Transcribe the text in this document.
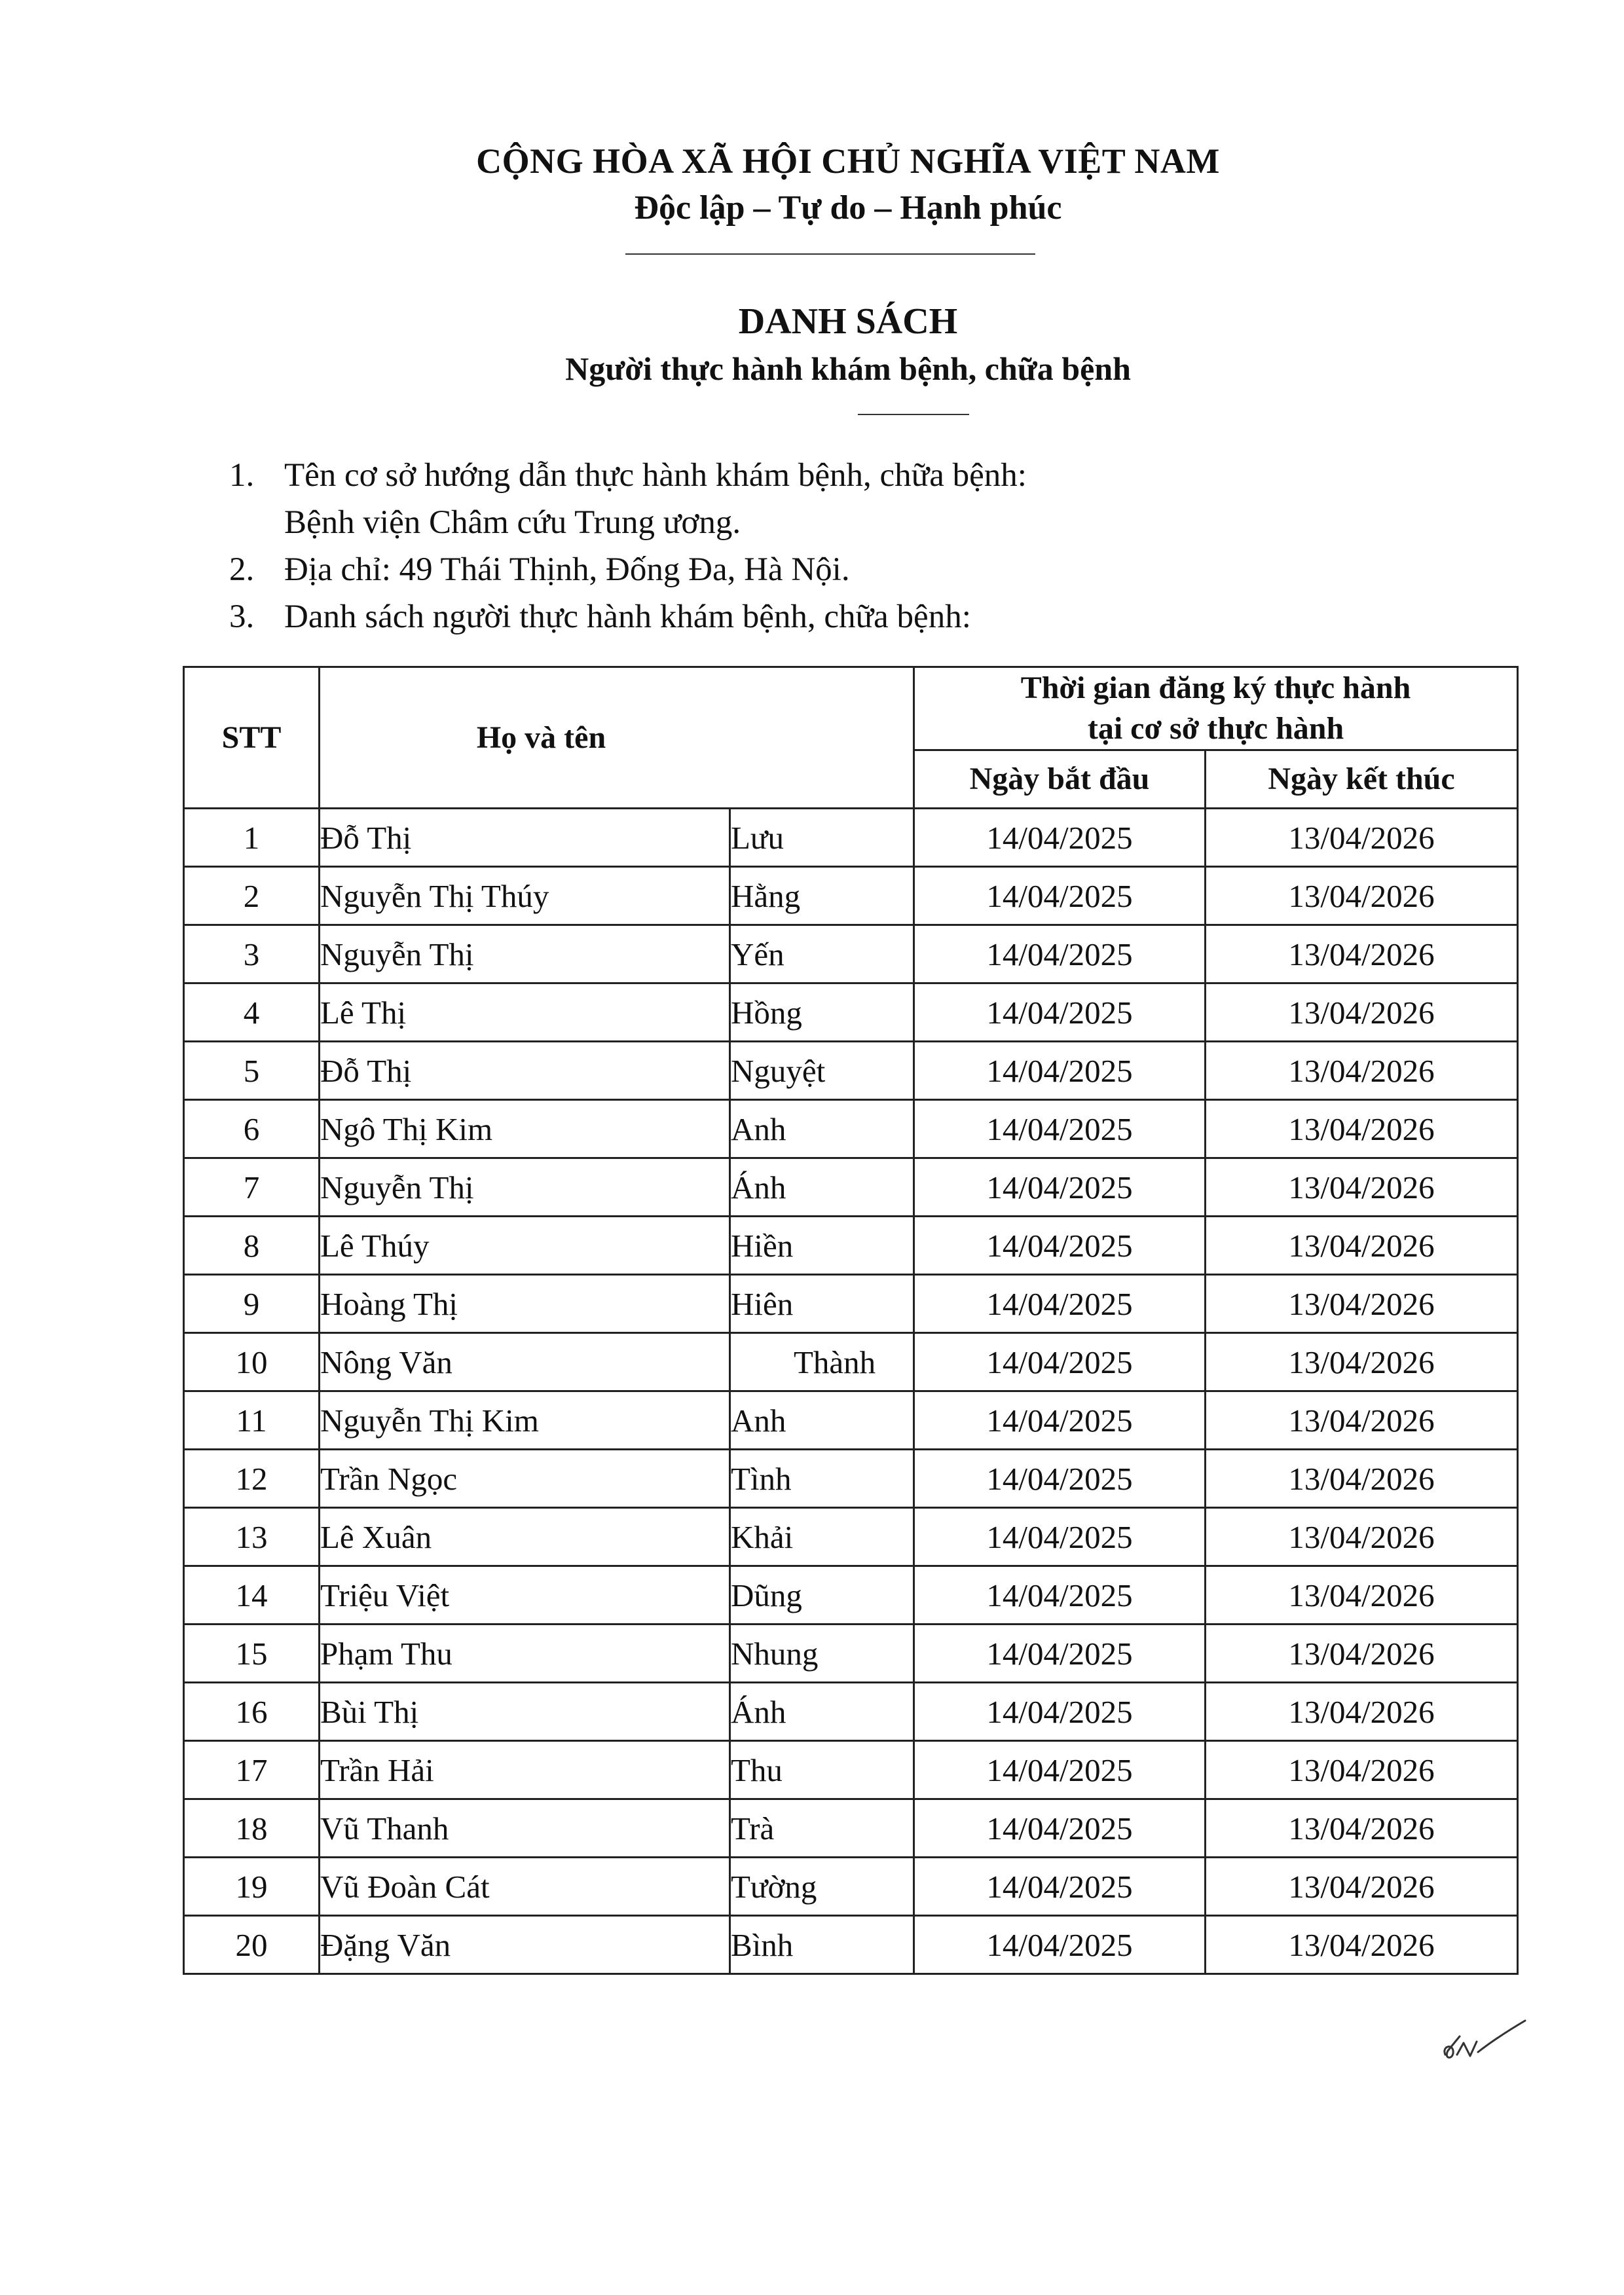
CỘNG HÒA XÃ HỘI CHỦ NGHĨA VIỆT NAM
Độc lập – Tự do – Hạnh phúc
DANH SÁCH
Người thực hành khám bệnh, chữa bệnh
1. Tên cơ sở hướng dẫn thực hành khám bệnh, chữa bệnh:
Bệnh viện Châm cứu Trung ương.
2. Địa chỉ: 49 Thái Thịnh, Đống Đa, Hà Nội.
3. Danh sách người thực hành khám bệnh, chữa bệnh:
STT	Họ và tên		Thời gian đăng ký thực hành
tại cơ sở thực hành	

			Ngày bắt đầu	Ngày kết thúc
1	Đỗ Thị	Lưu	14/04/2025	13/04/2026
2	Nguyễn Thị Thúy	Hằng	14/04/2025	13/04/2026
3	Nguyễn Thị	Yến	14/04/2025	13/04/2026
4	Lê Thị	Hồng	14/04/2025	13/04/2026
5	Đỗ Thị	Nguyệt	14/04/2025	13/04/2026
6	Ngô Thị Kim	Anh	14/04/2025	13/04/2026
7	Nguyễn Thị	Ánh	14/04/2025	13/04/2026
8	Lê Thúy	Hiền	14/04/2025	13/04/2026
9	Hoàng Thị	Hiên	14/04/2025	13/04/2026
10	Nông Văn	Thành	14/04/2025	13/04/2026
11	Nguyễn Thị Kim	Anh	14/04/2025	13/04/2026
12	Trần Ngọc	Tình	14/04/2025	13/04/2026
13	Lê Xuân	Khải	14/04/2025	13/04/2026
14	Triệu Việt	Dũng	14/04/2025	13/04/2026
15	Phạm Thu	Nhung	14/04/2025	13/04/2026
16	Bùi Thị	Ánh	14/04/2025	13/04/2026
17	Trần Hải	Thu	14/04/2025	13/04/2026
18	Vũ Thanh	Trà	14/04/2025	13/04/2026
19	Vũ Đoàn Cát	Tường	14/04/2025	13/04/2026
20	Đặng Văn	Bình	14/04/2025	13/04/2026
